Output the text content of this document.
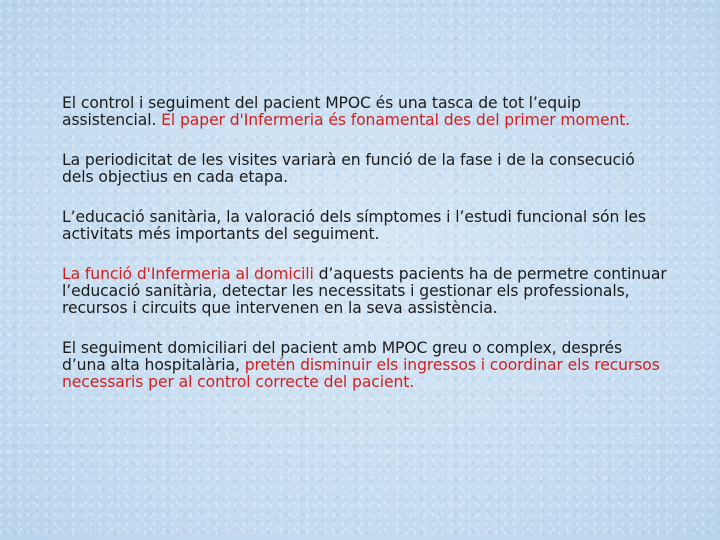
El control i seguiment del pacient MPOC és una tasca de tot l’equip assistencial. El paper d'Infermeria és fonamental des del primer moment.

La periodicitat de les visites variarà en funció de la fase i de la consecució dels objectius en cada etapa.

L’educació sanitària, la valoració dels símptomes i l’estudi funcional són les activitats més importants del seguiment.

La funció d'Infermeria al domicili d’aquests pacients ha de permetre continuar l’educació sanitària, detectar les necessitats i gestionar els professionals, recursos i circuits que intervenen en la seva assistència.

El seguiment domiciliari del pacient amb MPOC greu o complex, després d’una alta hospitalària, pretén disminuir els ingressos i coordinar els recursos necessaris per al control correcte del pacient.
